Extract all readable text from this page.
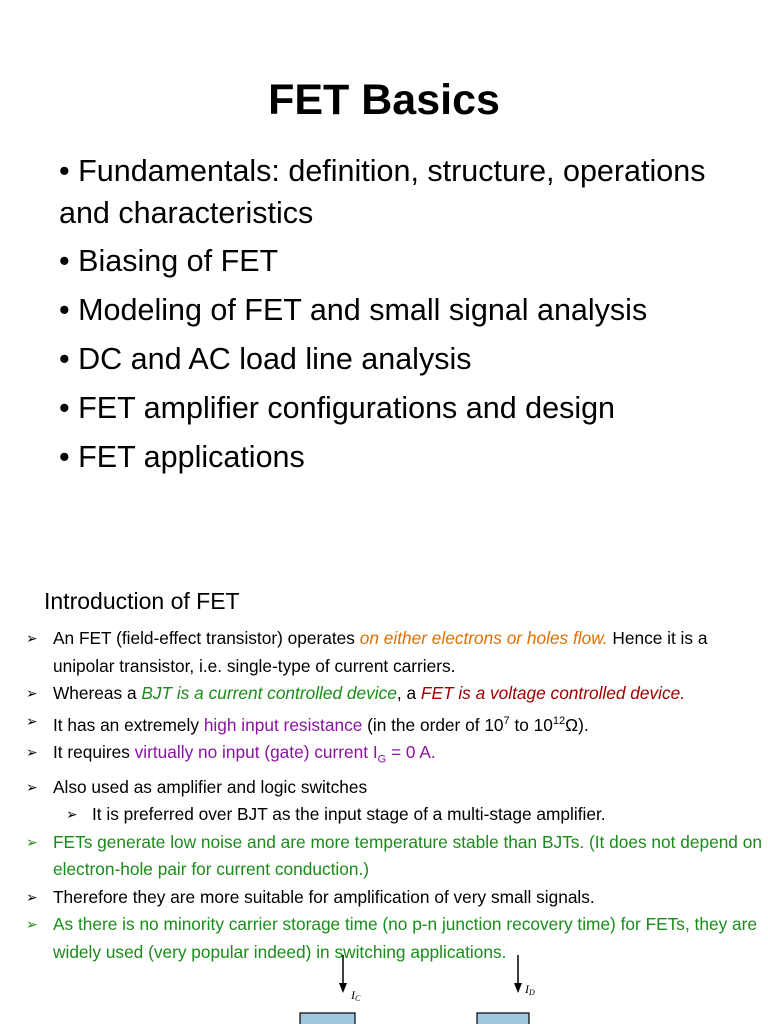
FET Basics
• Fundamentals: definition, structure, operations and characteristics
• Biasing of FET
• Modeling of FET and small signal analysis
• DC and AC load line analysis
• FET amplifier configurations and design
• FET applications
Introduction of FET
➢ An FET (field-effect transistor) operates on either electrons or holes flow. Hence it is a unipolar transistor, i.e. single-type of current carriers.
➢ Whereas a BJT is a current controlled device, a FET is a voltage controlled device.
➢ It has an extremely high input resistance (in the order of $10^7$ to $10^{12}\Omega$).
➢ It requires virtually no input (gate) current $I_G = 0$ A.
➢ Also used as amplifier and logic switches
➢ It is preferred over BJT as the input stage of a multi-stage amplifier.
➢ FETs generate low noise and are more temperature stable than BJTs. (It does not depend on electron-hole pair for current conduction.)
➢ Therefore they are more suitable for amplification of very small signals.
➢ As there is no minority carrier storage time (no p-n junction recovery time) for FETs, they are widely used (very popular indeed) in switching applications.
IC
ID
